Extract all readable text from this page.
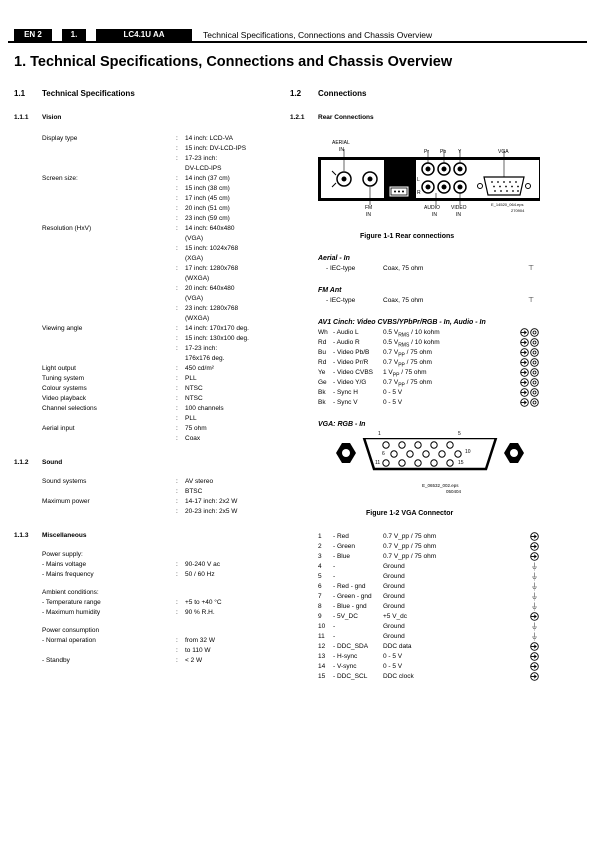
EN 2	1.	LC4.1U AA	Technical Specifications, Connections and Chassis Overview
1. Technical Specifications, Connections and Chassis Overview
1.1 Technical Specifications
1.1.1 Vision
Display type	: 14 inch: LCD-VA
: 15 inch: DV-LCD-IPS
: 17-23 inch:
DV-LCD-IPS
Screen size:	: 14 inch (37 cm)
: 15 inch (38 cm)
: 17 inch (45 cm)
: 20 inch (51 cm)
: 23 inch (59 cm)
Resolution (HxV)	: 14 inch: 640x480
(VGA)
: 15 inch: 1024x768
(XGA)
: 17 inch: 1280x768
(WXGA)
: 20 inch: 640x480
(VGA)
: 23 inch: 1280x768
(WXGA)
Viewing angle	: 14 inch: 170x170 deg.
: 15 inch: 130x100 deg.
: 17-23 inch:
176x176 deg.
Light output	: 450 cd/m²
Tuning system	: PLL
Colour systems	: NTSC
Video playback	: NTSC
Channel selections	: 100 channels
: PLL
Aerial input	: 75 ohm
: Coax
1.1.2 Sound
Sound systems	: AV stereo
: BTSC
Maximum power	: 14-17 inch: 2x2 W
: 20-23 inch: 2x5 W
1.1.3 Miscellaneous
Power supply:
- Mains voltage	: 90-240 V ac
- Mains frequency	: 50 / 60 Hz
Ambient conditions:
- Temperature range	: +5 to +40 °C
- Maximum humidity	: 90 % R.H.
Power consumption
- Normal operation	: from 32 W
: to 110 W
- Standby	: < 2 W
1.2 Connections
1.2.1 Rear Connections
AERIAL
IN	Pr Pb Y	VGA
R
L
FM
IN
AUDIO
IN
VIDEO
IN
E_14520_064.eps
270904
Figure 1-1 Rear connections
Aerial - In
- IEC-type	Coax, 75 ohm	⊤
FM Ant
- IEC-type	Coax, 75 ohm	⊤
AV1 Cinch: Video CVBS/YPbPr/RGB - In, Audio - In
Wh - Audio L	0.5 $V_{RMS} / 10$ kohm
Rd - Audio R	0.5 $V_{RMS} / 10$ kohm
Bu - Video Pb/B 0.7 $V_{PP} / 75$ ohm
Rd - Video Pr/R 0.7 $V_{PP} / 75$ ohm
Ye - Video CVBS 1 $V_{PP} / 75$ ohm
Ge - Video Y/G	0.7 $V_{PP} / 75$ ohm
Bk - Sync H	0 - 5 V
Bk - Sync V	0 - 5 V
VGA: RGB - In
1	5
6	10
11	15
E_06532_002.eps
050404
Figure 1-2 VGA Connector
1 - Red	0.7 V_pp / 75 ohm
2 - Green	0.7 V_pp / 75 ohm
3 - Blue	0.7 V_pp / 75 ohm
4 -	Ground
5 -	Ground
6 - Red - gnd	Ground
7 - Green - gnd Ground
8 - Blue - gnd	Ground
9 - 5V_DC	+5 V_dc
10 -	Ground
11 -	Ground
12 - DDC_SDA DDC data
13 - H-sync	0 - 5 V
14 - V-sync	0 - 5 V
15 - DDC_SCL DDC clock
